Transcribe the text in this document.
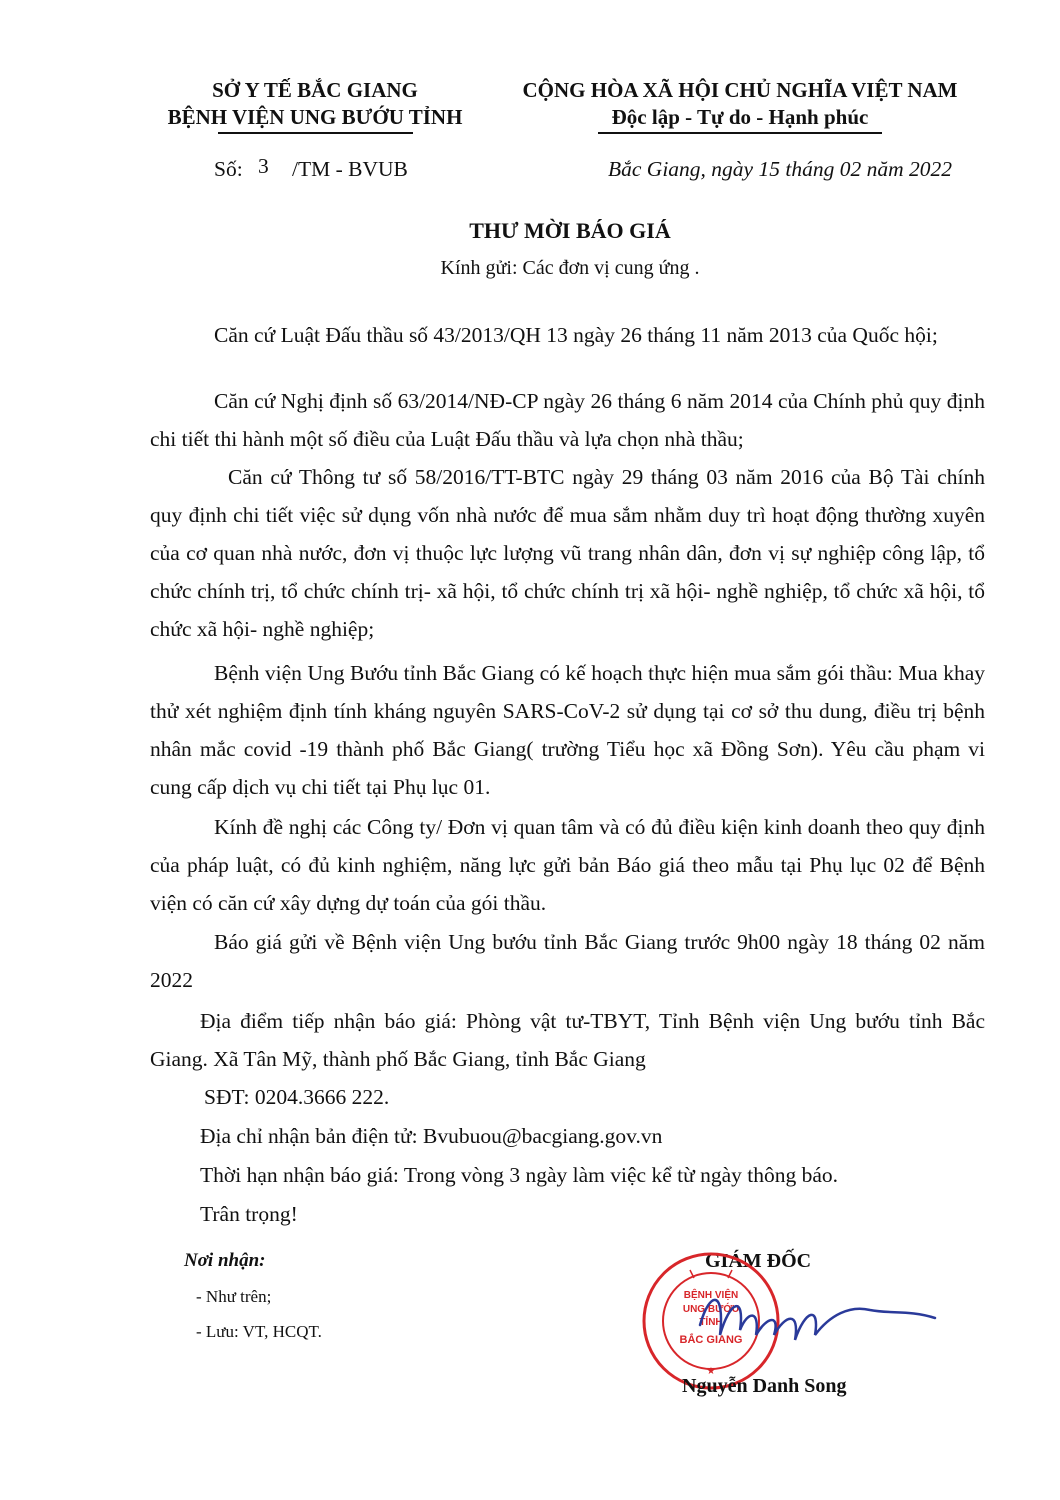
SỞ Y TẾ BẮC GIANG
BỆNH VIỆN UNG BƯỚU TỈNH
CỘNG HÒA XÃ HỘI CHỦ NGHĨA VIỆT NAM
Độc lập - Tự do - Hạnh phúc
Số: 3 /TM - BVUB	Bắc Giang, ngày 15 tháng 02 năm 2022
THƯ MỜI BÁO GIÁ
Kính gửi: Các đơn vị cung ứng .
Căn cứ Luật Đấu thầu số 43/2013/QH 13 ngày 26 tháng 11 năm 2013 của Quốc hội;
Căn cứ Nghị định số 63/2014/NĐ-CP ngày 26 tháng 6 năm 2014 của Chính phủ quy định chi tiết thi hành một số điều của Luật Đấu thầu và lựa chọn nhà thầu;
Căn cứ Thông tư số 58/2016/TT-BTC ngày 29 tháng 03 năm 2016 của Bộ Tài chính quy định chi tiết việc sử dụng vốn nhà nước để mua sắm nhằm duy trì hoạt động thường xuyên của cơ quan nhà nước, đơn vị thuộc lực lượng vũ trang nhân dân, đơn vị sự nghiệp công lập, tổ chức chính trị, tổ chức chính trị- xã hội, tổ chức chính trị xã hội- nghề nghiệp, tổ chức xã hội, tổ chức xã hội- nghề nghiệp;
Bệnh viện Ung Bướu tỉnh Bắc Giang có kế hoạch thực hiện mua sắm gói thầu: Mua khay thử xét nghiệm định tính kháng nguyên SARS-CoV-2 sử dụng tại cơ sở thu dung, điều trị bệnh nhân mắc covid -19 thành phố Bắc Giang( trường Tiểu học xã Đồng Sơn). Yêu cầu phạm vi cung cấp dịch vụ chi tiết tại Phụ lục 01.
Kính đề nghị các Công ty/ Đơn vị quan tâm và có đủ điều kiện kinh doanh theo quy định của pháp luật, có đủ kinh nghiệm, năng lực gửi bản Báo giá theo mẫu tại Phụ lục 02 để Bệnh viện có căn cứ xây dựng dự toán của gói thầu.
Báo giá gửi về Bệnh viện Ung bướu tỉnh Bắc Giang trước 9h00 ngày 18 tháng 02 năm 2022
Địa điểm tiếp nhận báo giá: Phòng vật tư-TBYT, Tỉnh Bệnh viện Ung bướu tỉnh Bắc Giang. Xã Tân Mỹ, thành phố Bắc Giang, tỉnh Bắc Giang
SĐT: 0204.3666 222.
Địa chỉ nhận bản điện tử: Bvubuou@bacgiang.gov.vn
Thời hạn nhận báo giá: Trong vòng 3 ngày làm việc kể từ ngày thông báo.
Trân trọng!
Nơi nhận:
- Như trên;
- Lưu: VT, HCQT.
GIÁM ĐỐC
BỆNH VIỆN
UNG BƯỚU
TỈNH
BẮC GIANG
★
Nguyễn Danh Song
